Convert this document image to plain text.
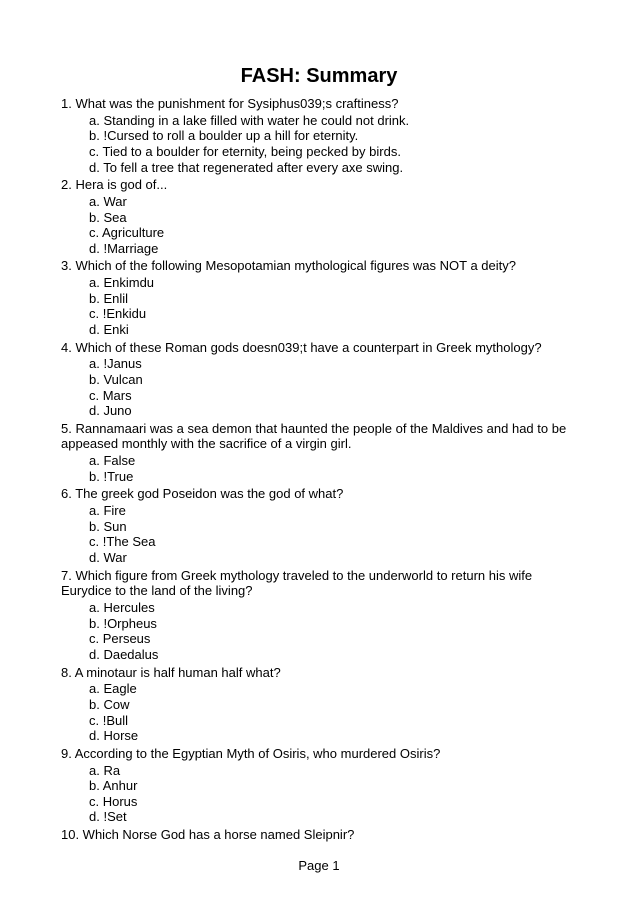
FASH: Summary
1. What was the punishment for Sysiphus039;s craftiness?
a. Standing in a lake filled with water he could not drink.
b. !Cursed to roll a boulder up a hill for eternity.
c. Tied to a boulder for eternity, being pecked by birds.
d. To fell a tree that regenerated after every axe swing.
2. Hera is god of...
a. War
b. Sea
c. Agriculture
d. !Marriage
3. Which of the following Mesopotamian mythological figures was NOT a deity?
a. Enkimdu
b. Enlil
c. !Enkidu
d. Enki
4. Which of these Roman gods doesn039;t have a counterpart in Greek mythology?
a. !Janus
b. Vulcan
c. Mars
d. Juno
5. Rannamaari was a sea demon that haunted the people of the Maldives and had to be appeased monthly with the sacrifice of a virgin girl.
a. False
b. !True
6. The greek god Poseidon was the god of what?
a. Fire
b. Sun
c. !The Sea
d. War
7. Which figure from Greek mythology traveled to the underworld to return his wife Eurydice to the land of the living?
a. Hercules
b. !Orpheus
c. Perseus
d. Daedalus
8. A minotaur is half human half what?
a. Eagle
b. Cow
c. !Bull
d. Horse
9. According to the Egyptian Myth of Osiris, who murdered Osiris?
a. Ra
b. Anhur
c. Horus
d. !Set
10. Which Norse God has a horse named Sleipnir?
Page 1
